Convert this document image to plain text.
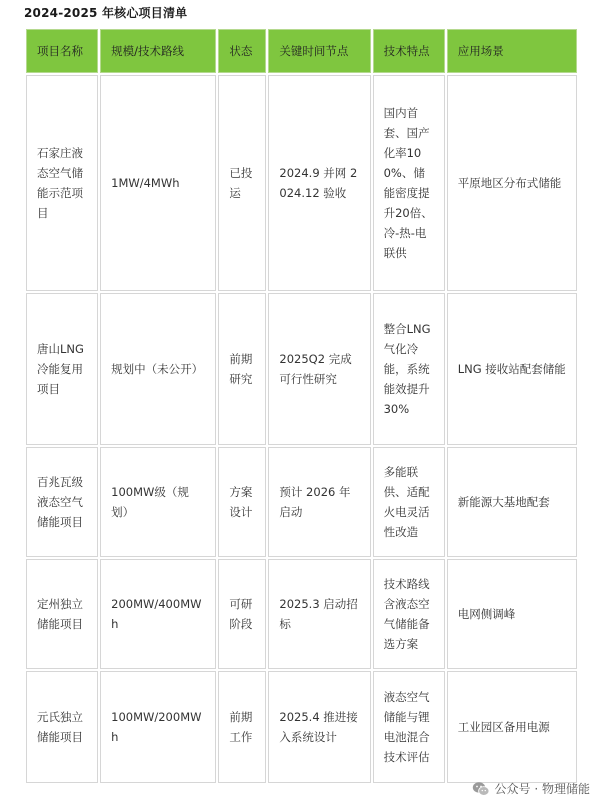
2024-2025 年核心项目清单
项目名称	规模/技术路线	状态	关键时间节点	技术特点	应用场景
石家庄液态空气储能示范项目	1MW/4MWh	已投运	2024.9 并网 2024.12 验收	国内首套、国产化率100%、储能密度提升20倍、冷-热-电联供	平原地区分布式储能
唐山LNG冷能复用项目	规划中（未公开）	前期研究	2025Q2 完成可行性研究	整合LNG气化冷能，系统能效提升30%	LNG 接收站配套储能
百兆瓦级液态空气储能项目	100MW级（规划）	方案设计	预计 2026 年启动	多能联供、适配火电灵活性改造	新能源大基地配套
定州独立储能项目	200MW/400MWh	可研阶段	2025.3 启动招标	技术路线含液态空气储能备选方案	电网侧调峰
元氏独立储能项目	100MW/200MWh	前期工作	2025.4 推进接入系统设计	液态空气储能与锂电池混合技术评估	工业园区备用电源
公众号 · 物理储能
